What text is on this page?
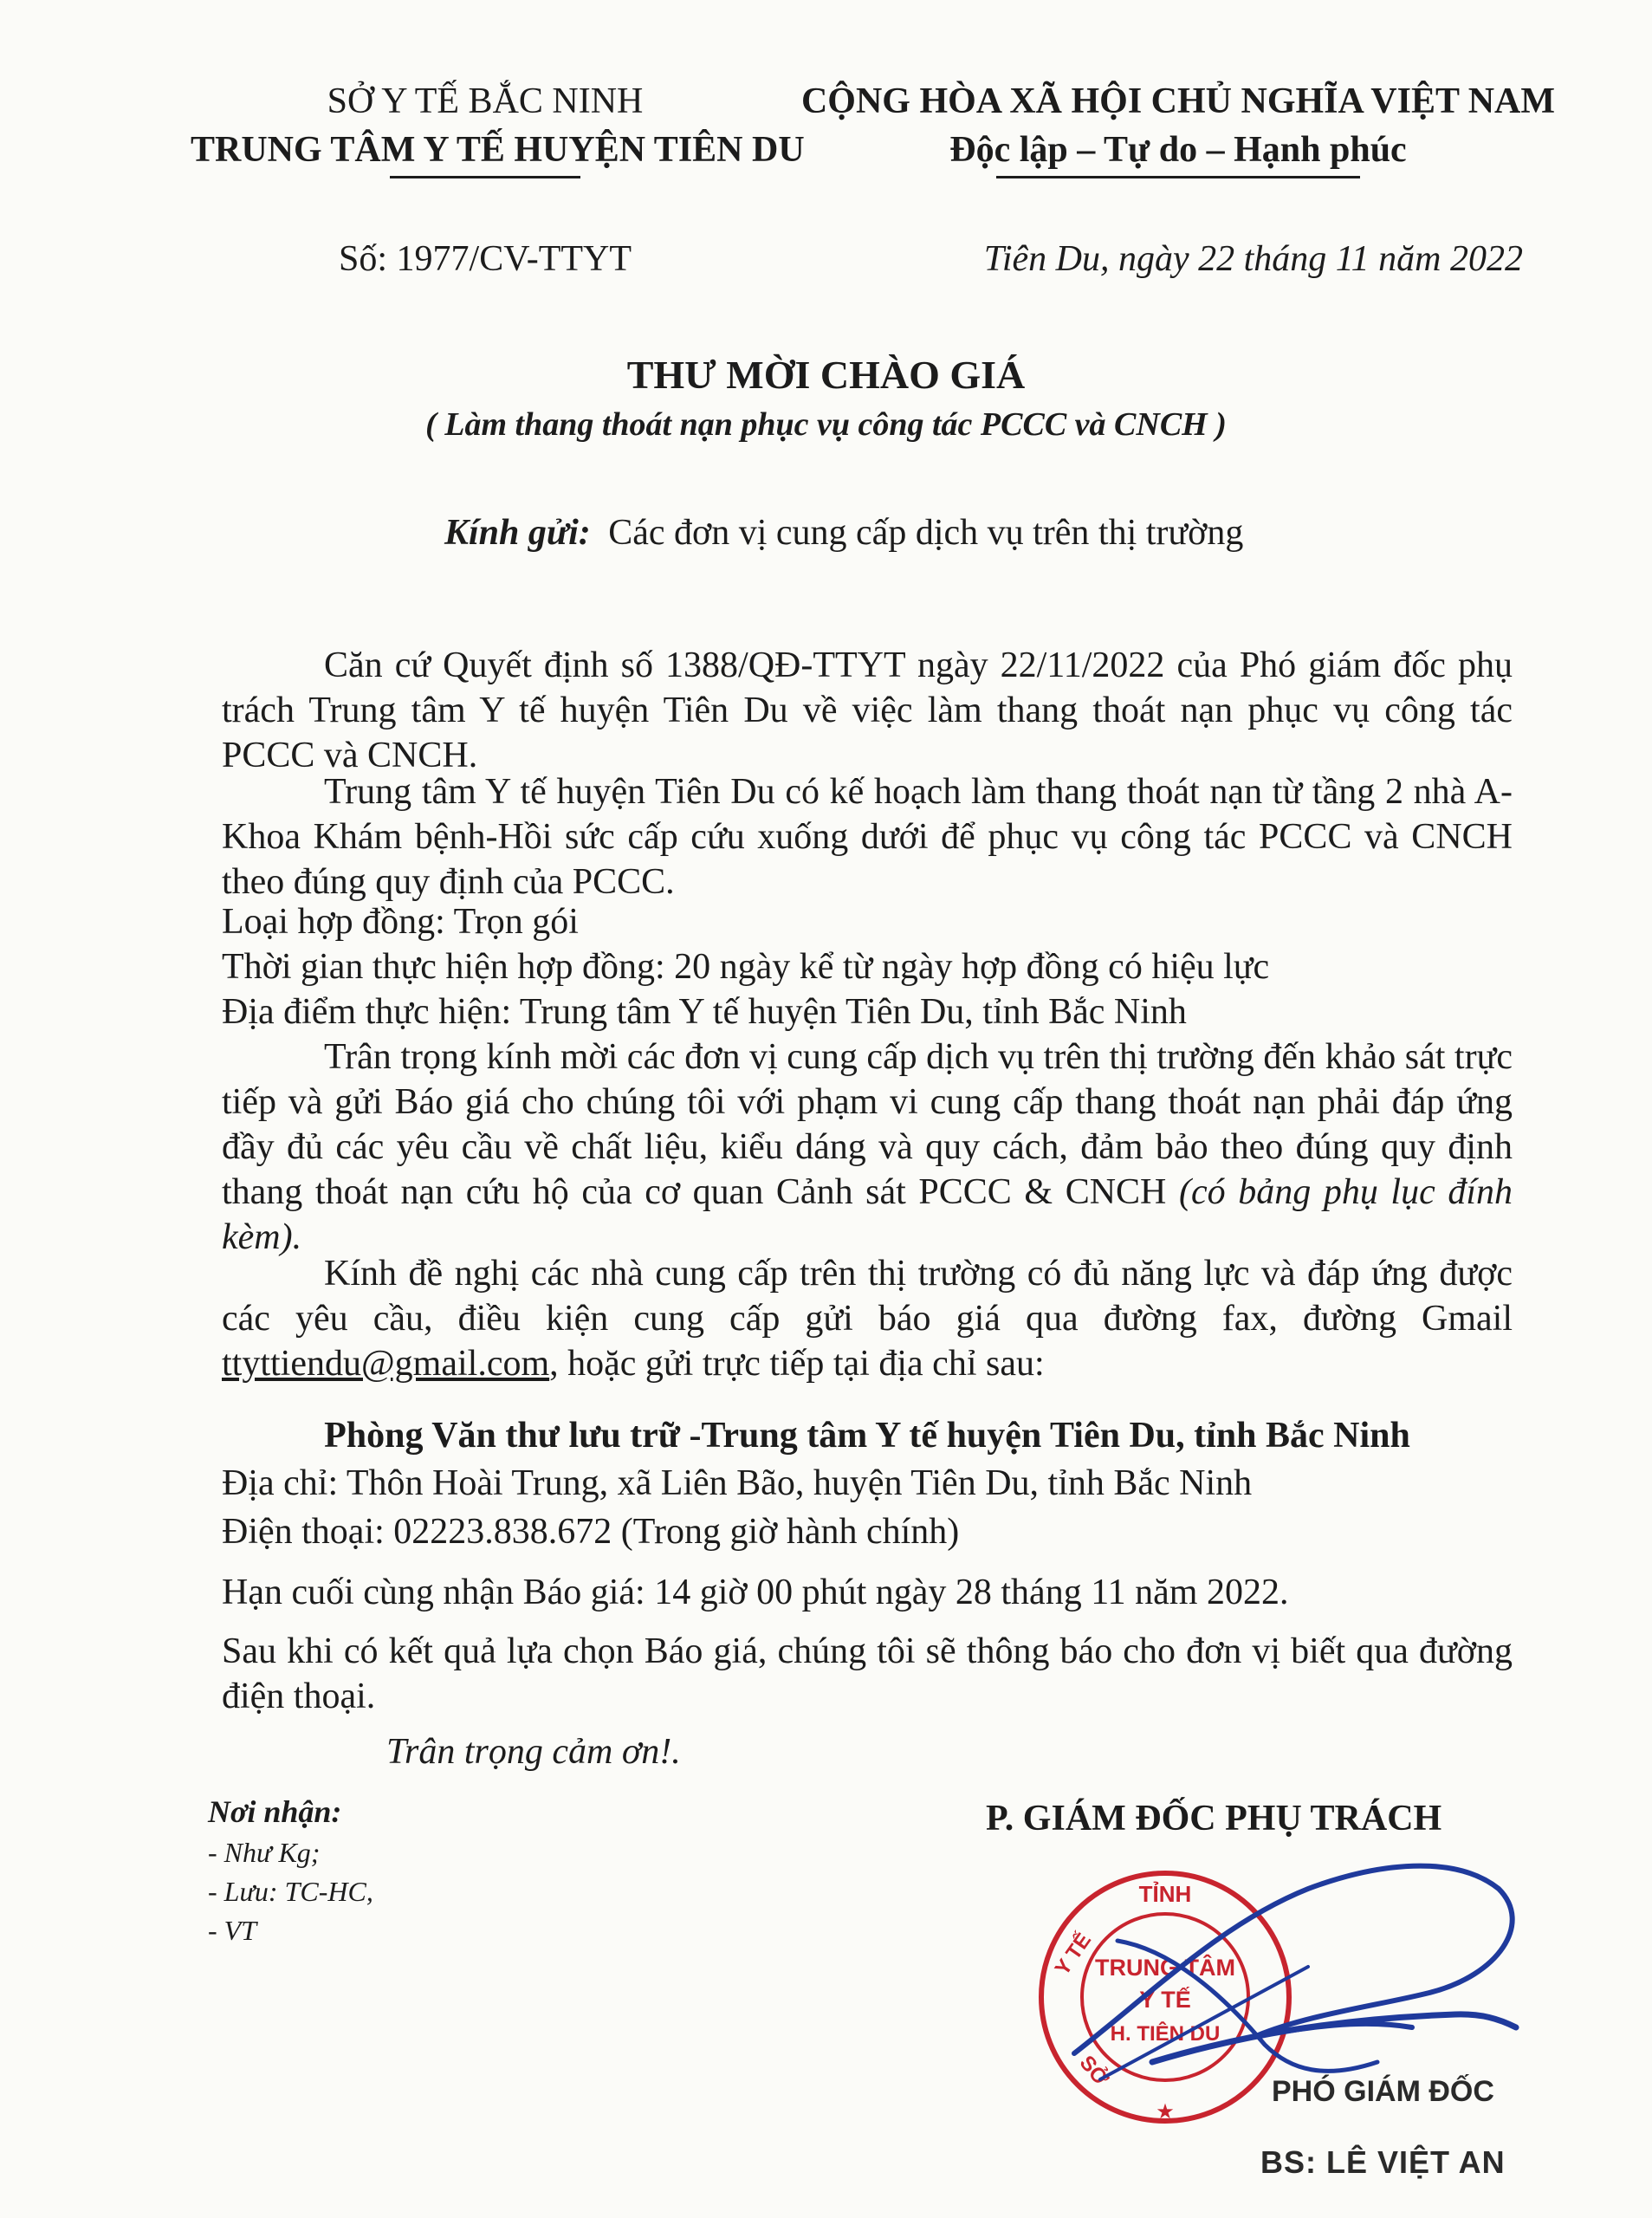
SỞ Y TẾ BẮC NINH
TRUNG TÂM Y TẾ HUYỆN TIÊN DU
Số: 1977/CV-TTYT
CỘNG HÒA XÃ HỘI CHỦ NGHĨA VIỆT NAM
Độc lập – Tự do – Hạnh phúc
Tiên Du, ngày 22 tháng 11 năm 2022
THƯ MỜI CHÀO GIÁ
( Làm thang thoát nạn phục vụ công tác PCCC và CNCH )
Kính gửi: Các đơn vị cung cấp dịch vụ trên thị trường
Căn cứ Quyết định số 1388/QĐ-TTYT ngày 22/11/2022 của Phó giám đốc phụ trách Trung tâm Y tế huyện Tiên Du về việc làm thang thoát nạn phục vụ công tác PCCC và CNCH.
Trung tâm Y tế huyện Tiên Du có kế hoạch làm thang thoát nạn từ tầng 2 nhà A-Khoa Khám bệnh-Hồi sức cấp cứu xuống dưới để phục vụ công tác PCCC và CNCH theo đúng quy định của PCCC.
Loại hợp đồng: Trọn gói
Thời gian thực hiện hợp đồng: 20 ngày kể từ ngày hợp đồng có hiệu lực
Địa điểm thực hiện: Trung tâm Y tế huyện Tiên Du, tỉnh Bắc Ninh
Trân trọng kính mời các đơn vị cung cấp dịch vụ trên thị trường đến khảo sát trực tiếp và gửi Báo giá cho chúng tôi với phạm vi cung cấp thang thoát nạn phải đáp ứng đầy đủ các yêu cầu về chất liệu, kiểu dáng và quy cách, đảm bảo theo đúng quy định thang thoát nạn cứu hộ của cơ quan Cảnh sát PCCC & CNCH (có bảng phụ lục đính kèm).
Kính đề nghị các nhà cung cấp trên thị trường có đủ năng lực và đáp ứng được các yêu cầu, điều kiện cung cấp gửi báo giá qua đường fax, đường Gmail ttyttiendu@gmail.com, hoặc gửi trực tiếp tại địa chỉ sau:
Phòng Văn thư lưu trữ -Trung tâm Y tế huyện Tiên Du, tỉnh Bắc Ninh
Địa chỉ: Thôn Hoài Trung, xã Liên Bão, huyện Tiên Du, tỉnh Bắc Ninh
Điện thoại: 02223.838.672 (Trong giờ hành chính)
Hạn cuối cùng nhận Báo giá: 14 giờ 00 phút ngày 28 tháng 11 năm 2022.
Sau khi có kết quả lựa chọn Báo giá, chúng tôi sẽ thông báo cho đơn vị biết qua đường điện thoại.
Trân trọng cảm ơn!.
Nơi nhận:
- Như Kg;
- Lưu: TC-HC,
- VT
P. GIÁM ĐỐC PHỤ TRÁCH
TỈNH
Y TẾ
SỞ
TRUNG TÂM
Y TẾ
H. TIÊN DU
★
PHÓ GIÁM ĐỐC
BS: LÊ VIỆT AN
